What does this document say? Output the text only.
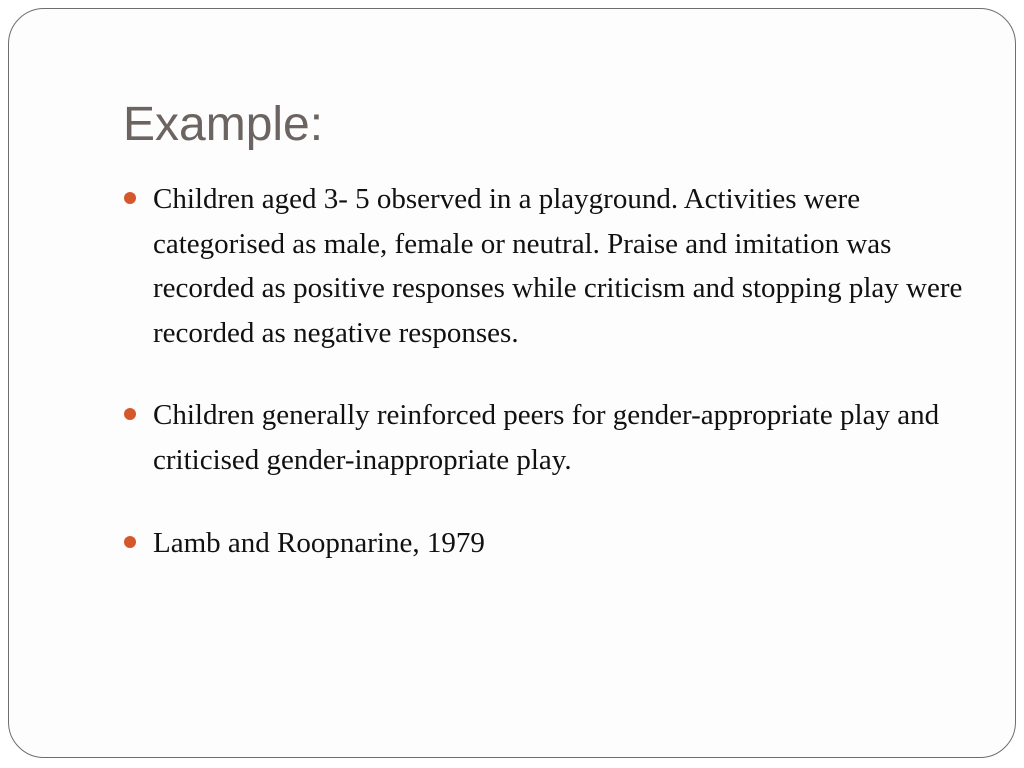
Example:
Children aged 3- 5 observed in a playground. Activities were categorised as male, female or neutral. Praise and imitation was recorded as positive responses while criticism and stopping play were recorded as negative responses.
Children generally reinforced peers for gender-appropriate play and criticised gender-inappropriate play.
Lamb and Roopnarine, 1979
